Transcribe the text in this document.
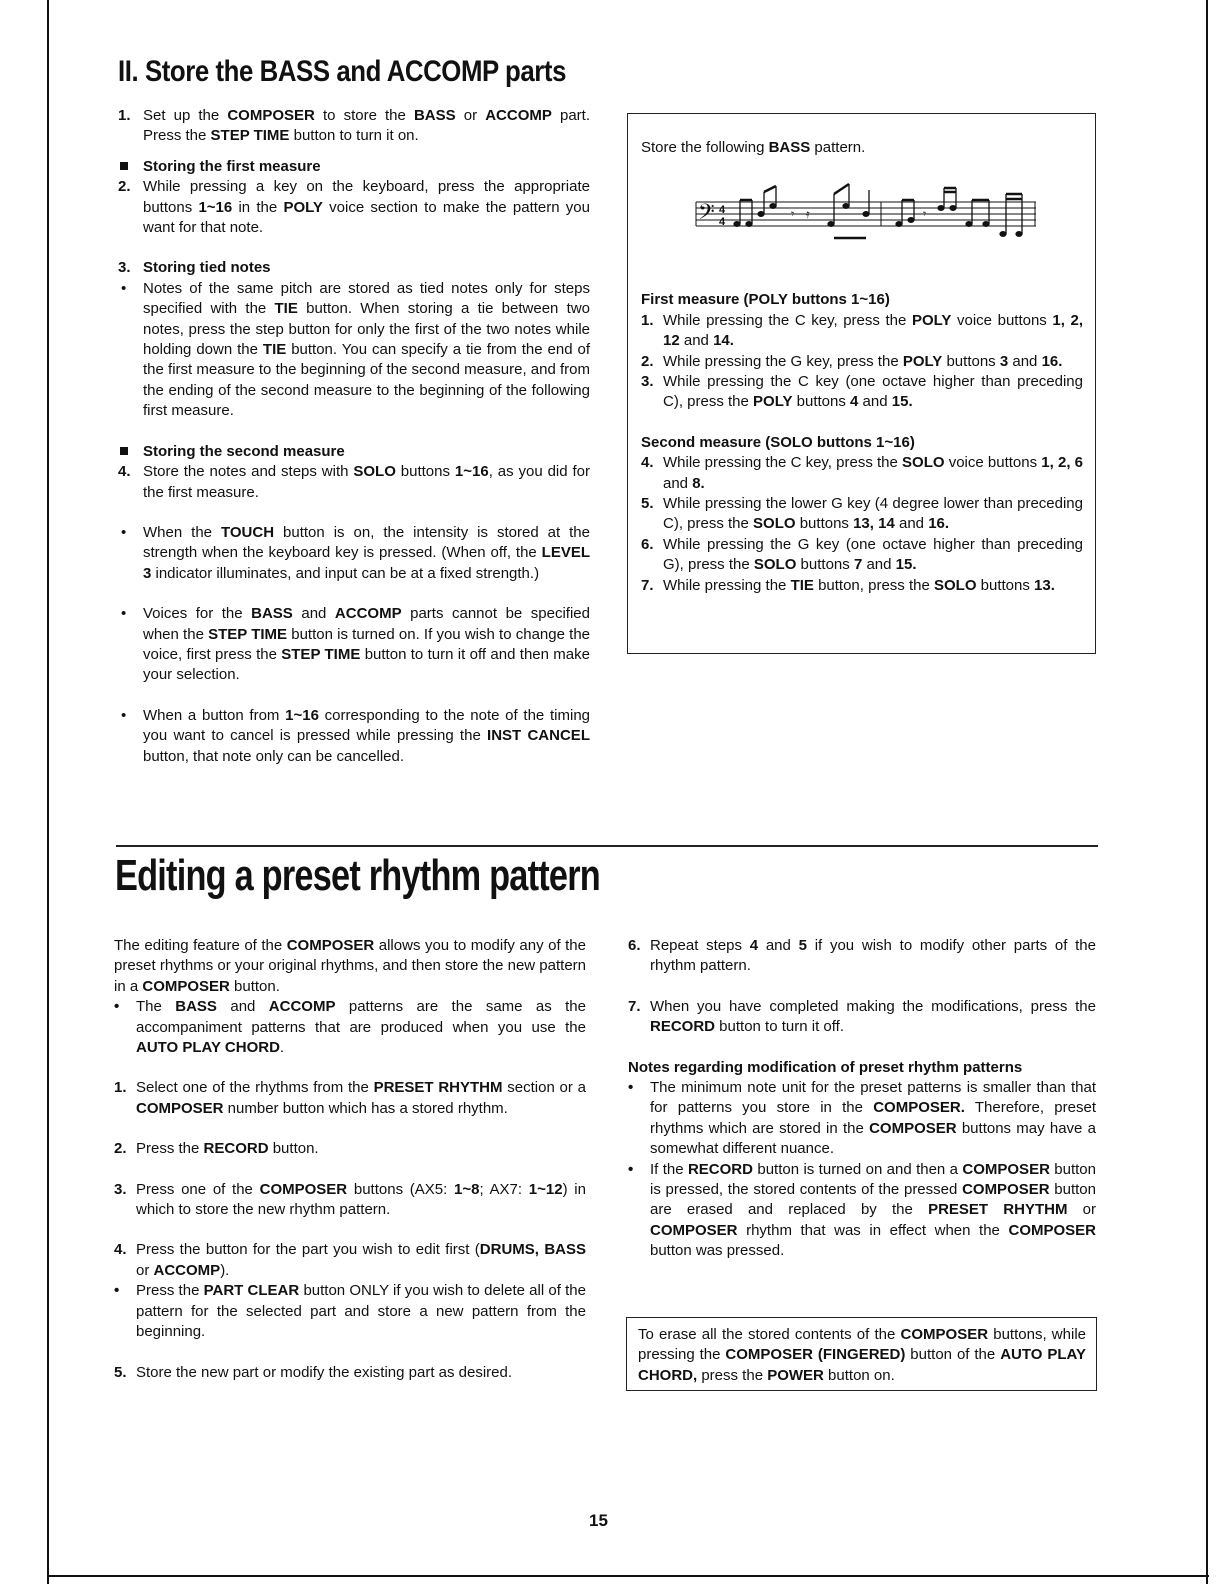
II. Store the BASS and ACCOMP parts
1. Set up the COMPOSER to store the BASS or ACCOMP part. Press the STEP TIME button to turn it on.
Storing the first measure
2. While pressing a key on the keyboard, press the appropriate buttons 1~16 in the POLY voice section to make the pattern you want for that note.
3. Storing tied notes
• Notes of the same pitch are stored as tied notes only for steps specified with the TIE button. When storing a tie between two notes, press the step button for only the first of the two notes while holding down the TIE button. You can specify a tie from the end of the first measure to the beginning of the second measure, and from the ending of the second measure to the beginning of the following first measure.
Storing the second measure
4. Store the notes and steps with SOLO buttons 1~16, as you did for the first measure.
• When the TOUCH button is on, the intensity is stored at the strength when the keyboard key is pressed. (When off, the LEVEL 3 indicator illuminates, and input can be at a fixed strength.)
• Voices for the BASS and ACCOMP parts cannot be specified when the STEP TIME button is turned on. If you wish to change the voice, first press the STEP TIME button to turn it off and then make your selection.
• When a button from 1~16 corresponding to the note of the timing you want to cancel is pressed while pressing the INST CANCEL button, that note only can be cancelled.
Store the following BASS pattern.
𝄢 4
4
𝄾 𝄿	𝄾
First measure (POLY buttons 1~16)
1. While pressing the C key, press the POLY voice buttons 1, 2, 12 and 14.
2. While pressing the G key, press the POLY buttons 3 and 16.
3. While pressing the C key (one octave higher than preceding C), press the POLY buttons 4 and 15.
Second measure (SOLO buttons 1~16)
4. While pressing the C key, press the SOLO voice buttons 1, 2, 6 and 8.
5. While pressing the lower G key (4 degree lower than preceding C), press the SOLO buttons 13, 14 and 16.
6. While pressing the G key (one octave higher than preceding G), press the SOLO buttons 7 and 15.
7. While pressing the TIE button, press the SOLO buttons 13.
Editing a preset rhythm pattern
The editing feature of the COMPOSER allows you to modify any of the preset rhythms or your original rhythms, and then store the new pattern in a COMPOSER button.
• The BASS and ACCOMP patterns are the same as the accompaniment patterns that are produced when you use the AUTO PLAY CHORD.
1. Select one of the rhythms from the PRESET RHYTHM section or a COMPOSER number button which has a stored rhythm.
2. Press the RECORD button.
3. Press one of the COMPOSER buttons (AX5: 1~8; AX7: 1~12) in which to store the new rhythm pattern.
4. Press the button for the part you wish to edit first (DRUMS, BASS or ACCOMP).
• Press the PART CLEAR button ONLY if you wish to delete all of the pattern for the selected part and store a new pattern from the beginning.
5. Store the new part or modify the existing part as desired.
6. Repeat steps 4 and 5 if you wish to modify other parts of the rhythm pattern.
7. When you have completed making the modifications, press the RECORD button to turn it off.
Notes regarding modification of preset rhythm patterns
• The minimum note unit for the preset patterns is smaller than that for patterns you store in the COMPOSER. Therefore, preset rhythms which are stored in the COMPOSER buttons may have a somewhat different nuance.
• If the RECORD button is turned on and then a COMPOSER button is pressed, the stored contents of the pressed COMPOSER button are erased and replaced by the PRESET RHYTHM or COMPOSER rhythm that was in effect when the COMPOSER button was pressed.
To erase all the stored contents of the COMPOSER buttons, while pressing the COMPOSER (FINGERED) button of the AUTO PLAY CHORD, press the POWER button on.
15
